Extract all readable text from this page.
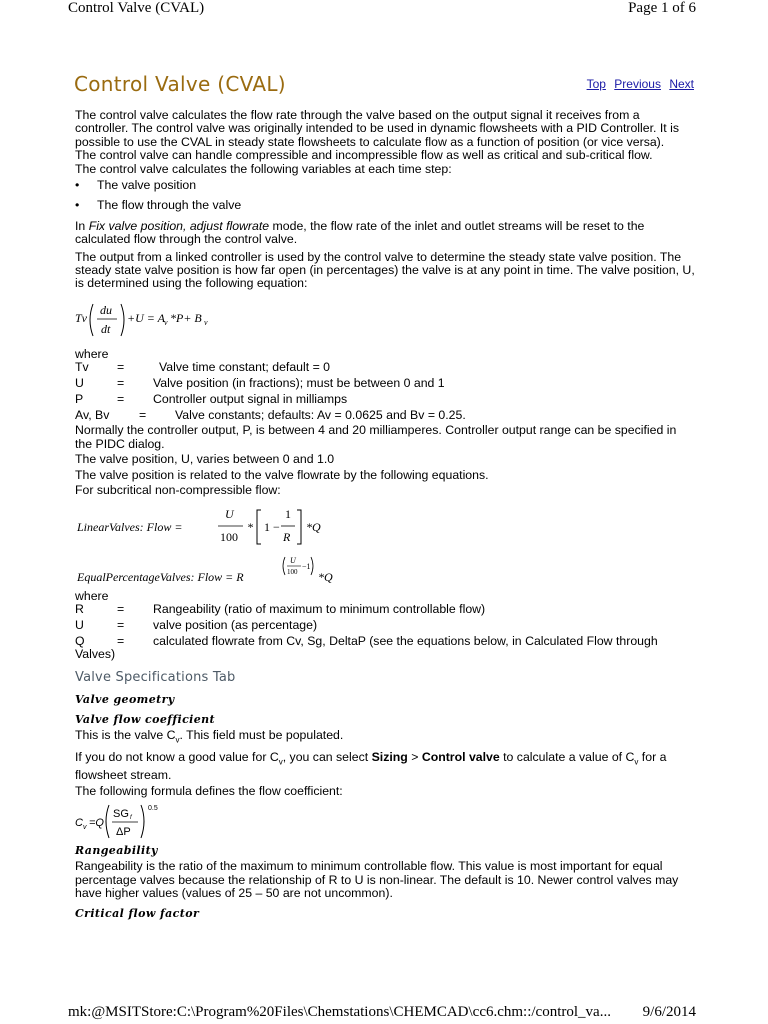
Control Valve (CVAL)	Page 1 of 6
Control Valve (CVAL)	Top Previous Next

The control valve calculates the flow rate through the valve based on the output signal it receives from a controller. The control valve was originally intended to be used in dynamic flowsheets with a PID Controller. It is possible to use the CVAL in steady state flowsheets to calculate flow as a function of position (or vice versa).

The control valve can handle compressible and incompressible flow as well as critical and sub-critical flow.

The control valve calculates the following variables at each time step:

• The valve position
• The flow through the valve

In Fix valve position, adjust flowrate mode, the flow rate of the inlet and outlet streams will be reset to the calculated flow through the control valve.

The output from a linked controller is used by the control valve to determine the steady state valve position. The steady state valve position is how far open (in percentages) the valve is at any point in time. The valve position, U, is determined using the following equation:

Tv
du
dt
+U = A v *P+ B v

where

Tv	=	Valve time constant; default = 0
U	=	Valve position (in fractions); must be between 0 and 1
P	=	Controller output signal in milliamps
Av, Bv	=	Valve constants; defaults: Av = 0.0625 and Bv = 0.25.

Normally the controller output, P, is between 4 and 20 milliamperes. Controller output range can be specified in the PIDC dialog.

The valve position, U, varies between 0 and 1.0

The valve position is related to the valve flowrate by the following equations.

For subcritical non-compressible flow:

LinearValves: Flow =
U
100
* 1 −
1
R
*Q
EqualPercentageValves: Flow = R
U
100
−1
*Q

where

R	=	Rangeability (ratio of maximum to minimum controllable flow)
U	=	valve position (as percentage)

Q	= calculated flowrate from Cv, Sg, DeltaP (see the equations below, in Calculated Flow through Valves)

Valve Specifications Tab
Valve geometry
Valve flow coefficient

This is the valve $C_v$. This field must be populated.

If you do not know a good value for $C_v$, you can select Sizing > Control valve to calculate a value of $C_v$ for a flowsheet stream.

The following formula defines the flow coefficient:

C v =Q
SG f
ΔP
0.5
Rangeability

Rangeability is the ratio of the maximum to minimum controllable flow. This value is most important for equal percentage valves because the relationship of R to U is non-linear. The default is 10. Newer control valves may have higher values (values of 25 – 50 are not uncommon).

Critical flow factor
mk:@MSITStore:C:\Program%20Files\Chemstations\CHEMCAD\cc6.chm::/control_va... 9/6/2014
